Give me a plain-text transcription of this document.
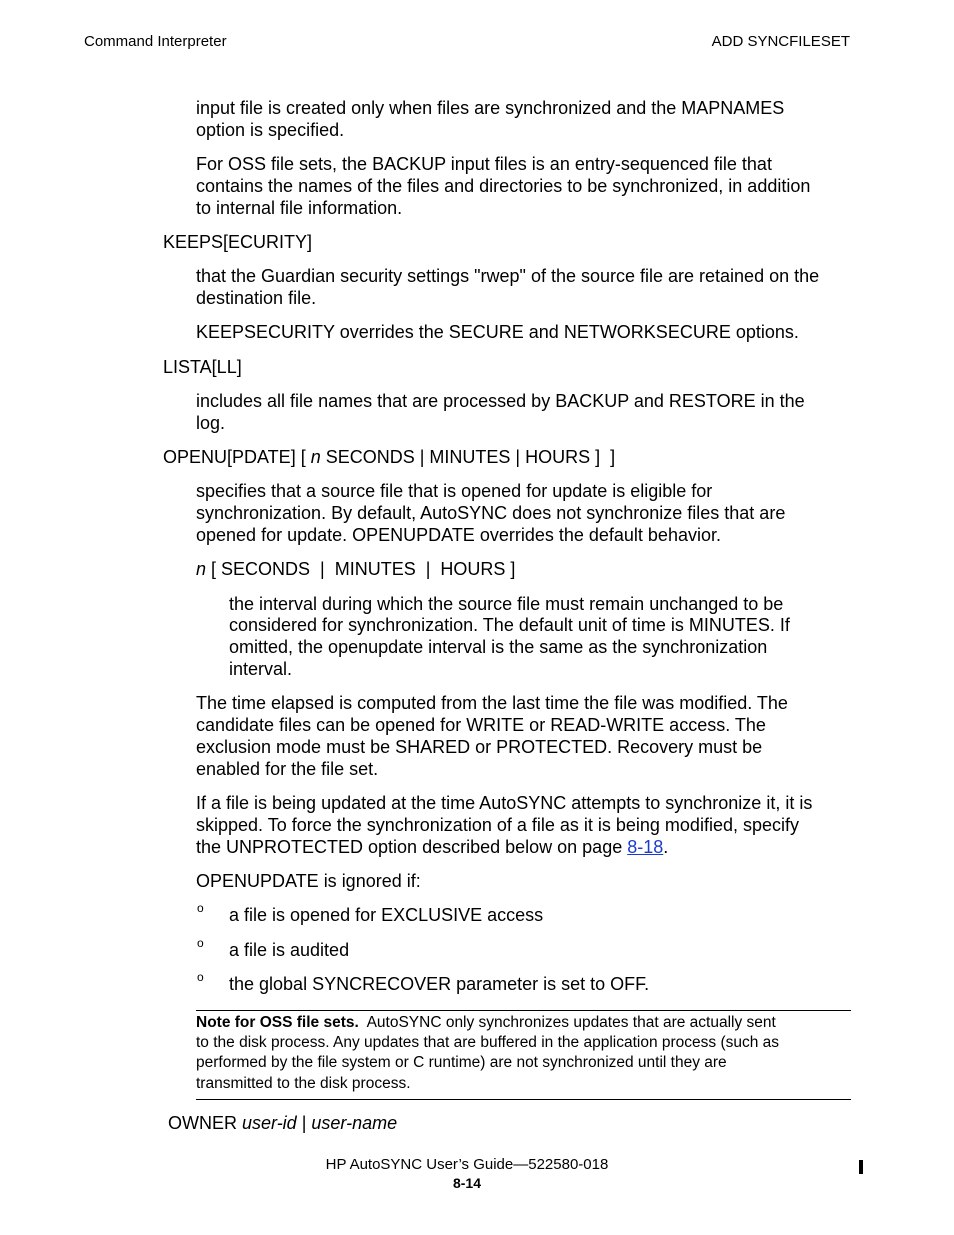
Command Interpreter	ADD SYNCFILESET
input file is created only when files are synchronized and the MAPNAMES
option is specified.
For OSS file sets, the BACKUP input files is an entry-sequenced file that
contains the names of the files and directories to be synchronized, in addition
to internal file information.
KEEPS[ECURITY]
that the Guardian security settings "rwep" of the source file are retained on the
destination file.
KEEPSECURITY overrides the SECURE and NETWORKSECURE options.
LISTA[LL]
includes all file names that are processed by BACKUP and RESTORE in the
log.
OPENU[PDATE] [ n SECONDS | MINUTES | HOURS ]  ]
specifies that a source file that is opened for update is eligible for
synchronization. By default, AutoSYNC does not synchronize files that are
opened for update. OPENUPDATE overrides the default behavior.
n [ SECONDS  |  MINUTES  |  HOURS ]
the interval during which the source file must remain unchanged to be
considered for synchronization. The default unit of time is MINUTES. If
omitted, the openupdate interval is the same as the synchronization
interval.
The time elapsed is computed from the last time the file was modified. The
candidate files can be opened for WRITE or READ-WRITE access. The
exclusion mode must be SHARED or PROTECTED. Recovery must be
enabled for the file set.
If a file is being updated at the time AutoSYNC attempts to synchronize it, it is
skipped. To force the synchronization of a file as it is being modified, specify
the UNPROTECTED option described below on page 8-18.
OPENUPDATE is ignored if:
o a file is opened for EXCLUSIVE access
o a file is audited
o the global SYNCRECOVER parameter is set to OFF.
Note for OSS file sets. AutoSYNC only synchronizes updates that are actually sent
to the disk process. Any updates that are buffered in the application process (such as
performed by the file system or C runtime) are not synchronized until they are
transmitted to the disk process.
OWNER user-id | user-name
HP AutoSYNC User’s Guide—522580-018
8-14
